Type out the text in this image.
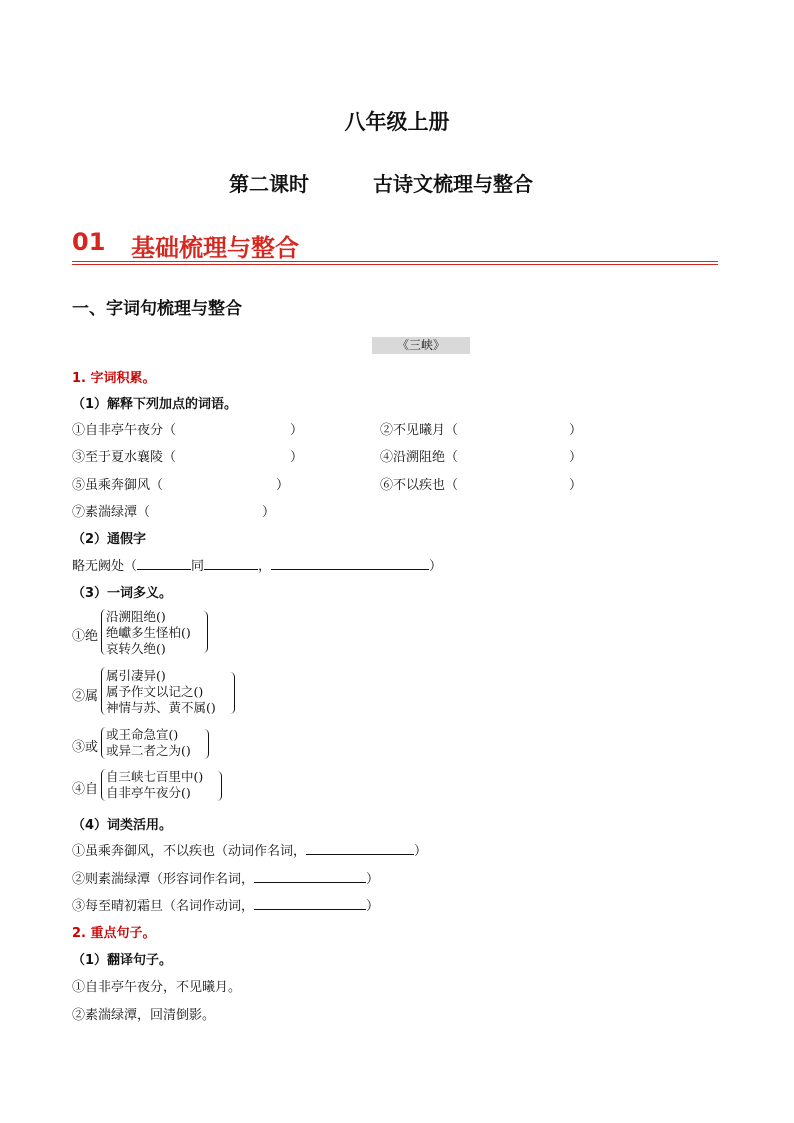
八年级上册
第二课时	古诗文梳理与整合
01 基础梳理与整合
一、字词句梳理与整合
《三峡》
1. 字词积累。
（1）解释下列加点的词语。
①自非亭午夜分（	）	②不见曦月（	）
③至于夏水襄陵（	）	④沿溯阻绝（	）
⑤虽乘奔御风（	）	⑥不以疾也（	）
⑦素湍绿潭（	）
（2）通假字
略无阙处（	同	，	）
（3）一词多义。
①绝
沿溯阻绝()
绝巘多生怪柏()
哀转久绝()
②属
属引凄异()
属予作文以记之()
神情与苏、黄不属()
③或
或王命急宣()
或异二者之为()
④自
自三峡七百里中()
自非亭午夜分()
（4）词类活用。
①虽乘奔御风，不以疾也（动词作名词，	）
②则素湍绿潭（形容词作名词，	）
③每至晴初霜旦（名词作动词，	）
2. 重点句子。
（1）翻译句子。
①自非亭午夜分，不见曦月。
②素湍绿潭，回清倒影。
